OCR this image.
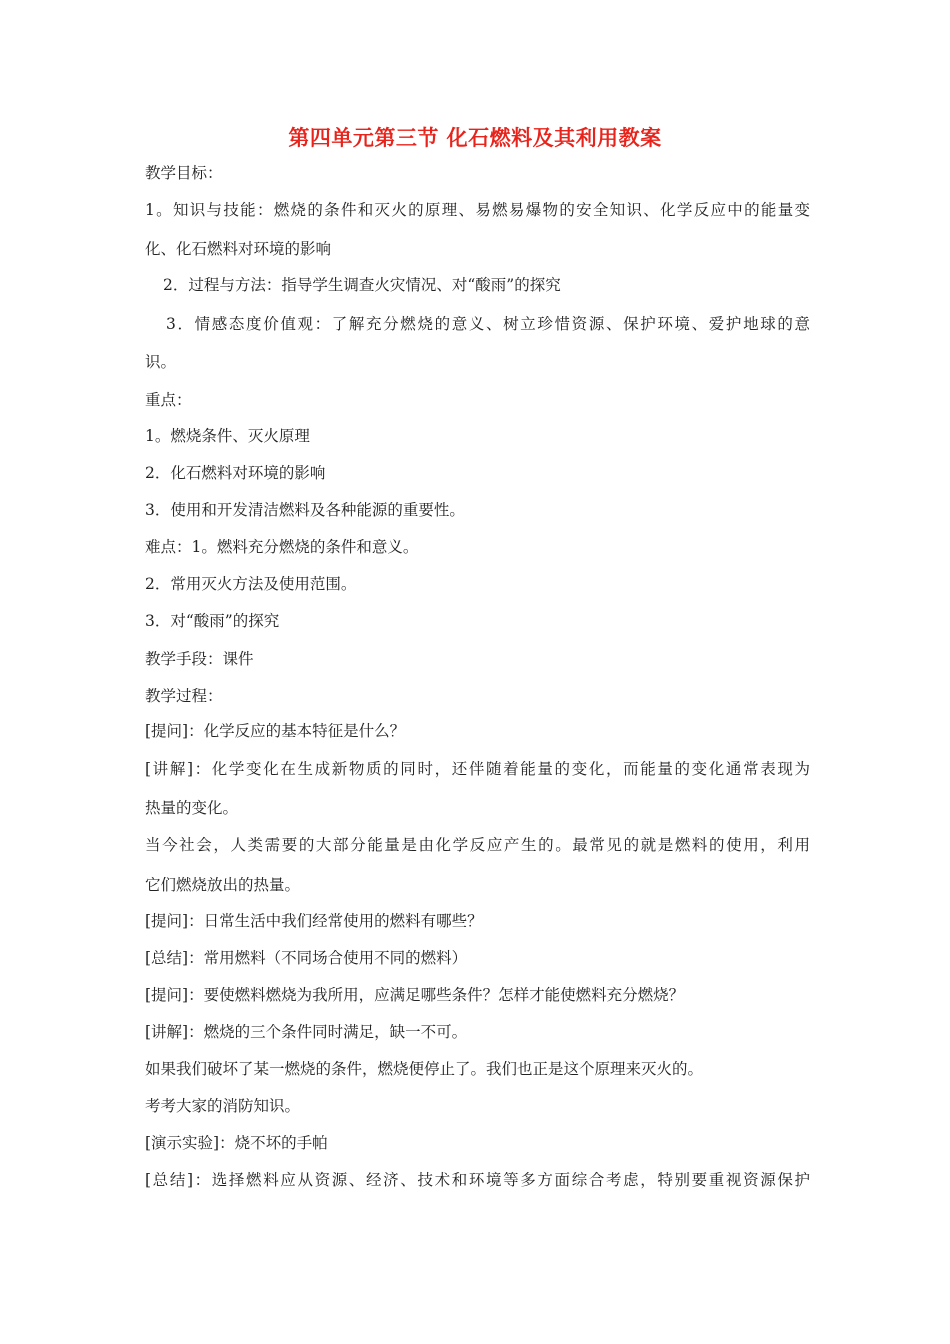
第四单元第三节 化石燃料及其利用教案
教学目标：
1。知识与技能：燃烧的条件和灭火的原理、易燃易爆物的安全知识、化学反应中的能量变
化、化石燃料对环境的影响
2．过程与方法：指导学生调查火灾情况、对“酸雨”的探究
3．情感态度价值观：了解充分燃烧的意义、树立珍惜资源、保护环境、爱护地球的意
识。
重点：
1。燃烧条件、灭火原理
2．化石燃料对环境的影响
3．使用和开发清洁燃料及各种能源的重要性。
难点：1。燃料充分燃烧的条件和意义。
2．常用灭火方法及使用范围。
3．对“酸雨”的探究
教学手段：课件
教学过程：
[提问]：化学反应的基本特征是什么？
[讲解]：化学变化在生成新物质的同时，还伴随着能量的变化，而能量的变化通常表现为
热量的变化。
当今社会，人类需要的大部分能量是由化学反应产生的。最常见的就是燃料的使用，利用
它们燃烧放出的热量。
[提问]：日常生活中我们经常使用的燃料有哪些？
[总结]：常用燃料（不同场合使用不同的燃料）
[提问]：要使燃料燃烧为我所用，应满足哪些条件？怎样才能使燃料充分燃烧？
[讲解]：燃烧的三个条件同时满足，缺一不可。
如果我们破坏了某一燃烧的条件，燃烧便停止了。我们也正是这个原理来灭火的。
考考大家的消防知识。
[演示实验]：烧不坏的手帕
[总结]：选择燃料应从资源、经济、技术和环境等多方面综合考虑，特别要重视资源保护
